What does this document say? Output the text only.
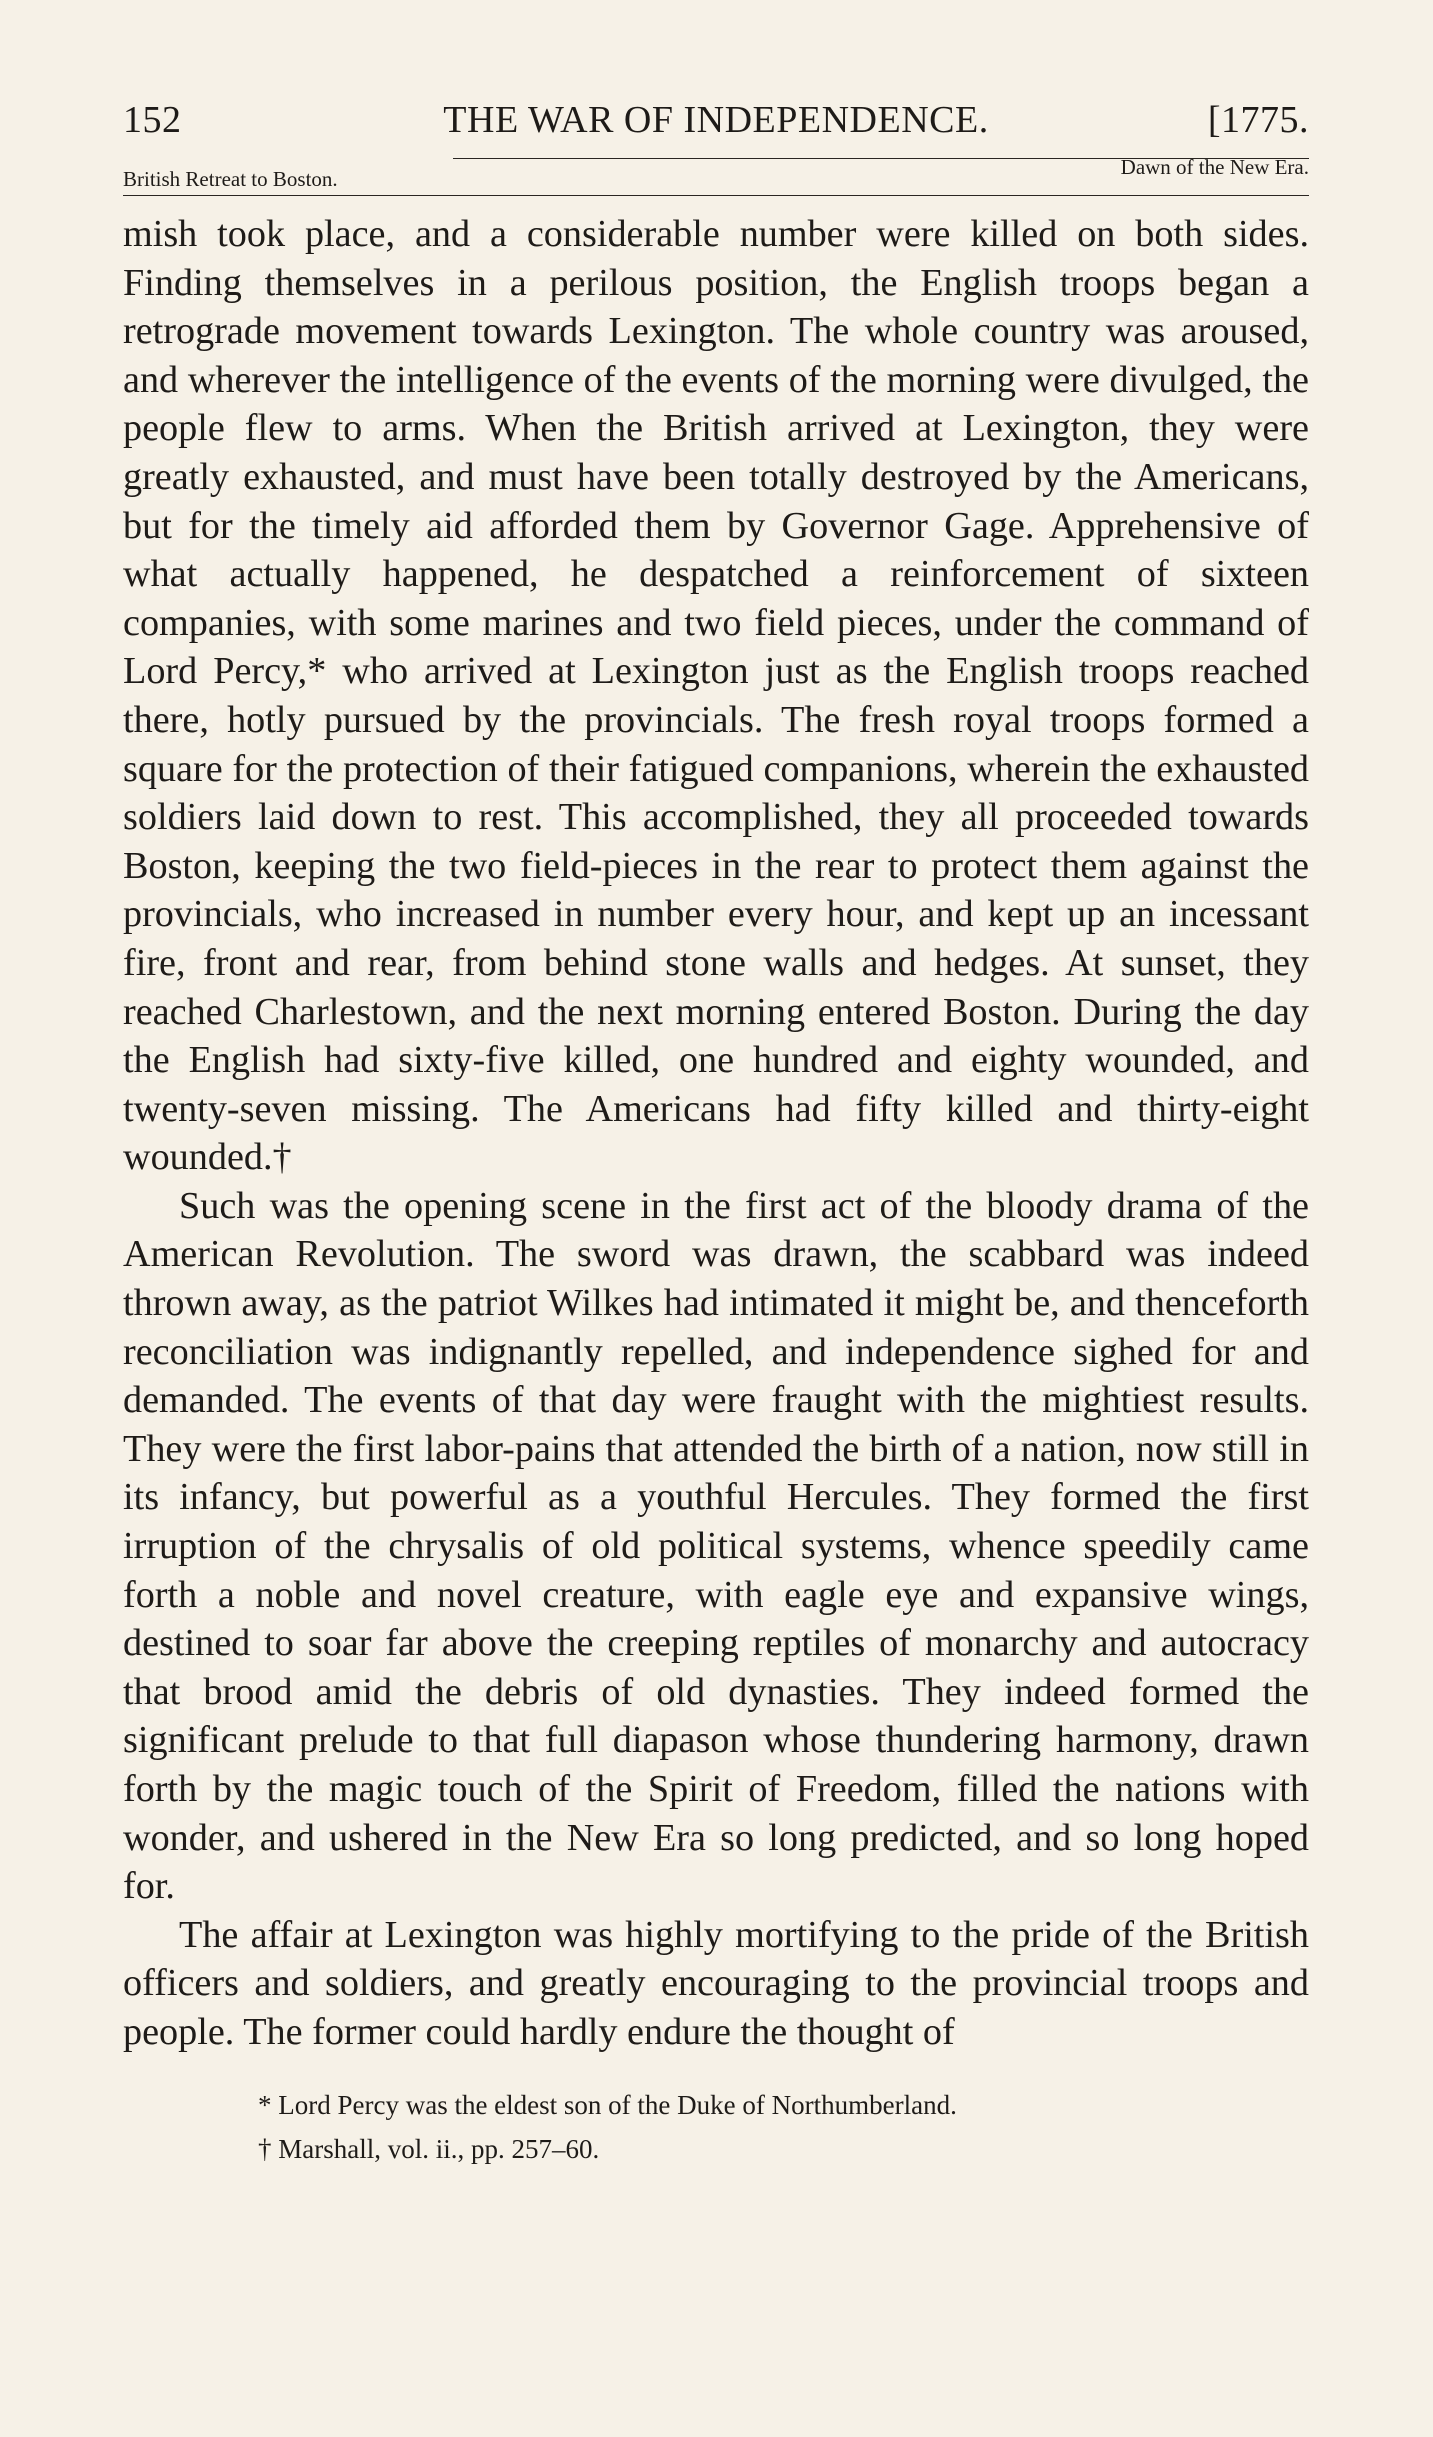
152	THE WAR OF INDEPENDENCE.	[1775.
British Retreat to Boston.	Dawn of the New Era.

mish took place, and a considerable number were killed on both sides. Finding themselves in a perilous position, the English troops began a retrograde movement towards Lexington. The whole country was aroused, and wherever the intelligence of the events of the morning were divulged, the people flew to arms. When the British arrived at Lexington, they were greatly exhausted, and must have been totally destroyed by the Americans, but for the timely aid afforded them by Governor Gage. Apprehensive of what actually happened, he despatched a reinforcement of sixteen companies, with some marines and two field pieces, under the command of Lord Percy,* who arrived at Lexington just as the English troops reached there, hotly pursued by the provincials. The fresh royal troops formed a square for the protection of their fatigued companions, wherein the exhausted soldiers laid down to rest. This accomplished, they all proceeded towards Boston, keeping the two field-pieces in the rear to protect them against the provincials, who increased in number every hour, and kept up an incessant fire, front and rear, from behind stone walls and hedges. At sunset, they reached Charlestown, and the next morning entered Boston. During the day the English had sixty-five killed, one hundred and eighty wounded, and twenty-seven missing. The Americans had fifty killed and thirty-eight wounded.†

Such was the opening scene in the first act of the bloody drama of the American Revolution. The sword was drawn, the scabbard was indeed thrown away, as the patriot Wilkes had intimated it might be, and thenceforth reconciliation was indignantly repelled, and independence sighed for and demanded. The events of that day were fraught with the mightiest results. They were the first labor-pains that attended the birth of a nation, now still in its infancy, but powerful as a youthful Hercules. They formed the first irruption of the chrysalis of old political systems, whence speedily came forth a noble and novel creature, with eagle eye and expansive wings, destined to soar far above the creeping reptiles of monarchy and autocracy that brood amid the debris of old dynasties. They indeed formed the significant prelude to that full diapason whose thundering harmony, drawn forth by the magic touch of the Spirit of Freedom, filled the nations with wonder, and ushered in the New Era so long predicted, and so long hoped for.

The affair at Lexington was highly mortifying to the pride of the British officers and soldiers, and greatly encouraging to the provincial troops and people. The former could hardly endure the thought of

* Lord Percy was the eldest son of the Duke of Northumberland.

† Marshall, vol. ii., pp. 257–60.
